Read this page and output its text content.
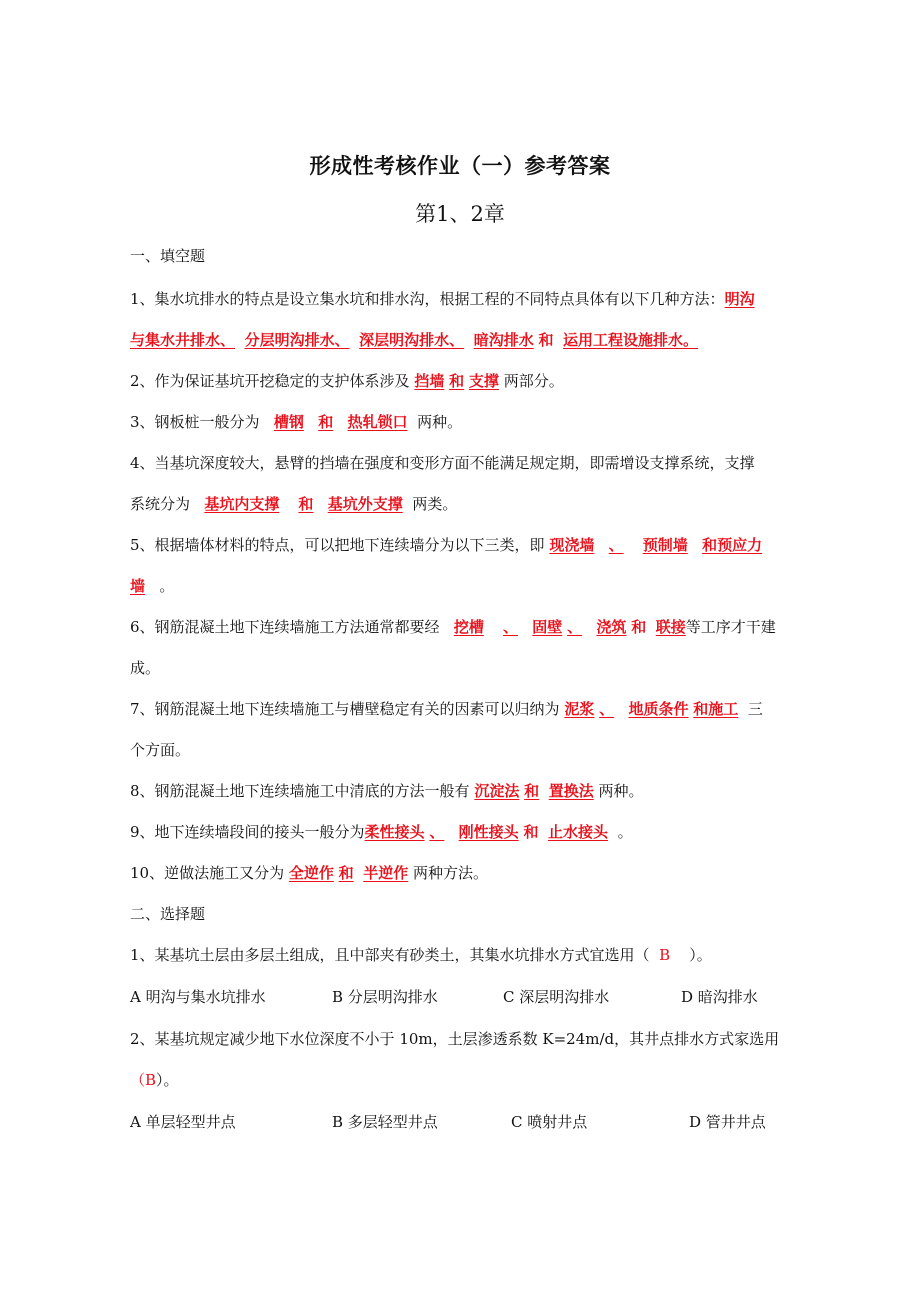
形成性考核作业（一）参考答案
第1、2章
一、填空题
1、集水坑排水的特点是设立集水坑和排水沟，根据工程的不同特点具体有以下几种方法：明沟
与集水井排水、 分层明沟排水、 深层明沟排水、 暗沟排水 和 运用工程设施排水。
2、作为保证基坑开挖稳定的支护体系涉及 挡墙 和 支撑 两部分。
3、钢板桩一般分为 槽钢 和 热轧锁口 两种。
4、当基坑深度较大，悬臂的挡墙在强度和变形方面不能满足规定期，即需增设支撑系统，支撑
系统分为 基坑内支撑 和 基坑外支撑 两类。
5、根据墙体材料的特点，可以把地下连续墙分为以下三类，即 现浇墙 、 预制墙 和预应力
墙 。
6、钢筋混凝土地下连续墙施工方法通常都要经 挖槽 、 固壁 、 浇筑 和 联接等工序才干建
成。
7、钢筋混凝土地下连续墙施工与槽壁稳定有关的因素可以归纳为 泥浆 、 地质条件 和施工 三
个方面。
8、钢筋混凝土地下连续墙施工中清底的方法一般有 沉淀法 和 置换法 两种。
9、地下连续墙段间的接头一般分为柔性接头 、 刚性接头 和 止水接头 。
10、逆做法施工又分为 全逆作 和 半逆作 两种方法。
二、选择题
1、某基坑土层由多层土组成，且中部夹有砂类土，其集水坑排水方式宜选用（ B ）。
A 明沟与集水坑排水	B 分层明沟排水	C 深层明沟排水	D 暗沟排水
2、某基坑规定减少地下水位深度不小于 10m，土层渗透系数 K=24m/d，其井点排水方式家选用
（B）。
A 单层轻型井点	B 多层轻型井点	C 喷射井点	D 管井井点
